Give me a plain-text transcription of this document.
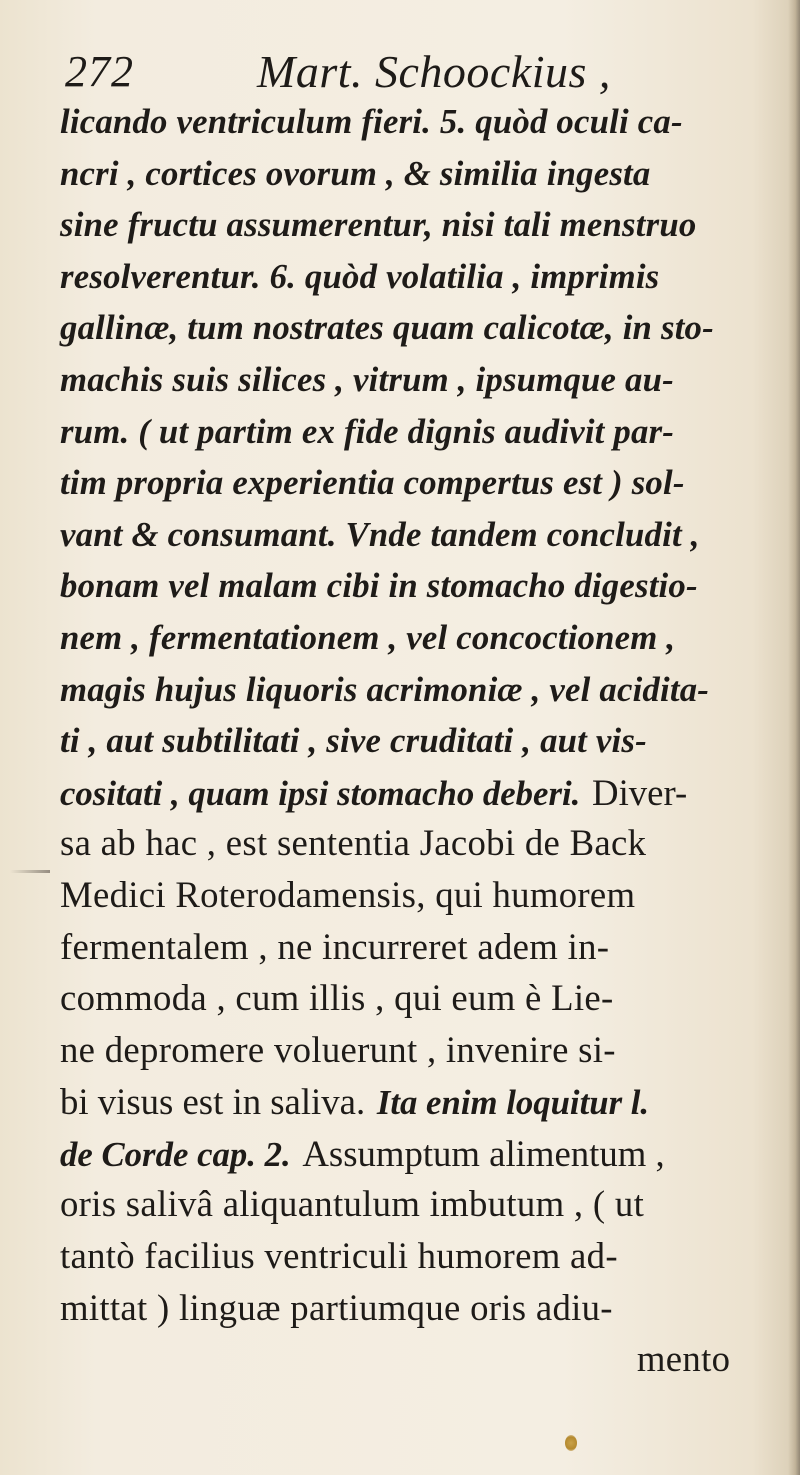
272	Mart. Schoockius ,
licando ventriculum fieri. 5. quòd oculi ca-
ncri , cortices ovorum , & similia ingesta
sine fructu assumerentur, nisi tali menstruo
resolverentur. 6. quòd volatilia , imprimis
gallinæ, tum nostrates quam calicotæ, in sto-
machis suis silices , vitrum , ipsumque au-
rum. ( ut partim ex fide dignis audivit par-
tim propria experientia compertus est ) sol-
vant & consumant. Vnde tandem concludit ,
bonam vel malam cibi in stomacho digestio-
nem , fermentationem , vel concoctionem ,
magis hujus liquoris acrimoniæ , vel acidita-
ti , aut subtilitati , sive cruditati , aut vis-
cositati , quam ipsi stomacho deberi. Diver-
sa ab hac , est sententia Jacobi de Back
Medici Roterodamensis, qui humorem
fermentalem , ne incurreret adem in-
commoda , cum illis , qui eum è Lie-
ne depromere voluerunt , invenire si-
bi visus est in saliva. Ita enim loquitur l.
de Corde cap. 2. Assumptum alimentum ,
oris salivâ aliquantulum imbutum , ( ut
tantò facilius ventriculi humorem ad-
mittat ) linguæ partiumque oris adiu-
mento
